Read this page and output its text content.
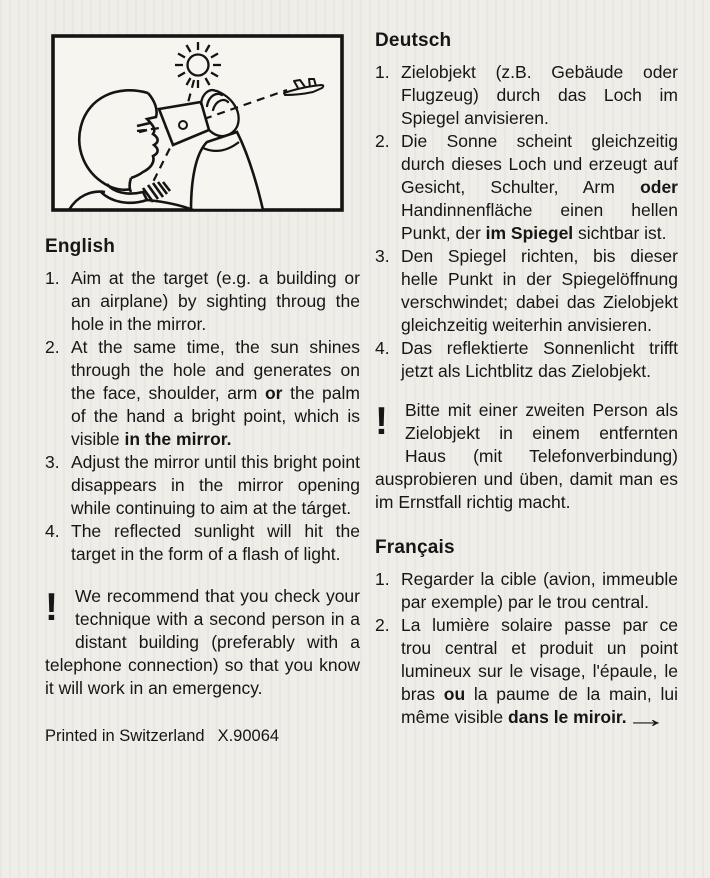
English
1. Aim at the target (e.g. a building or an airplane) by sighting throug the hole in the mirror.
2. At the same time, the sun shines through the hole and generates on the face, shoulder, arm or the palm of the hand a bright point, which is visible in the mirror.
3. Adjust the mirror until this bright point disappears in the mirror opening while continuing to aim at the tárget.
4. The reflected sunlight will hit the target in the form of a flash of light.
! We recommend that you check your technique with a second person in a distant building (preferably with a telephone connection) so that you know it will work in an emergency.
Printed in Switzerland X.90064
Deutsch
1. Zielobjekt (z.B. Gebäude oder Flugzeug) durch das Loch im Spiegel anvisieren.
2. Die Sonne scheint gleichzeitig durch dieses Loch und erzeugt auf Gesicht, Schulter, Arm oder Handinnenfläche einen hellen Punkt, der im Spiegel sichtbar ist.
3. Den Spiegel richten, bis dieser helle Punkt in der Spiegelöffnung verschwindet; dabei das Zielobjekt gleichzeitig weiterhin anvisieren.
4. Das reflektierte Sonnenlicht trifft jetzt als Lichtblitz das Zielobjekt.
! Bitte mit einer zweiten Person als Zielobjekt in einem entfernten Haus (mit Telefonverbindung) ausprobieren und üben, damit man es im Ernstfall richtig macht.
Français
1. Regarder la cible (avion, immeuble par exemple) par le trou central.
2. La lumière solaire passe par ce trou central et produit un point lumineux sur le visage, l'épaule, le bras ou la paume de la main, lui même visible dans le miroir.
→
